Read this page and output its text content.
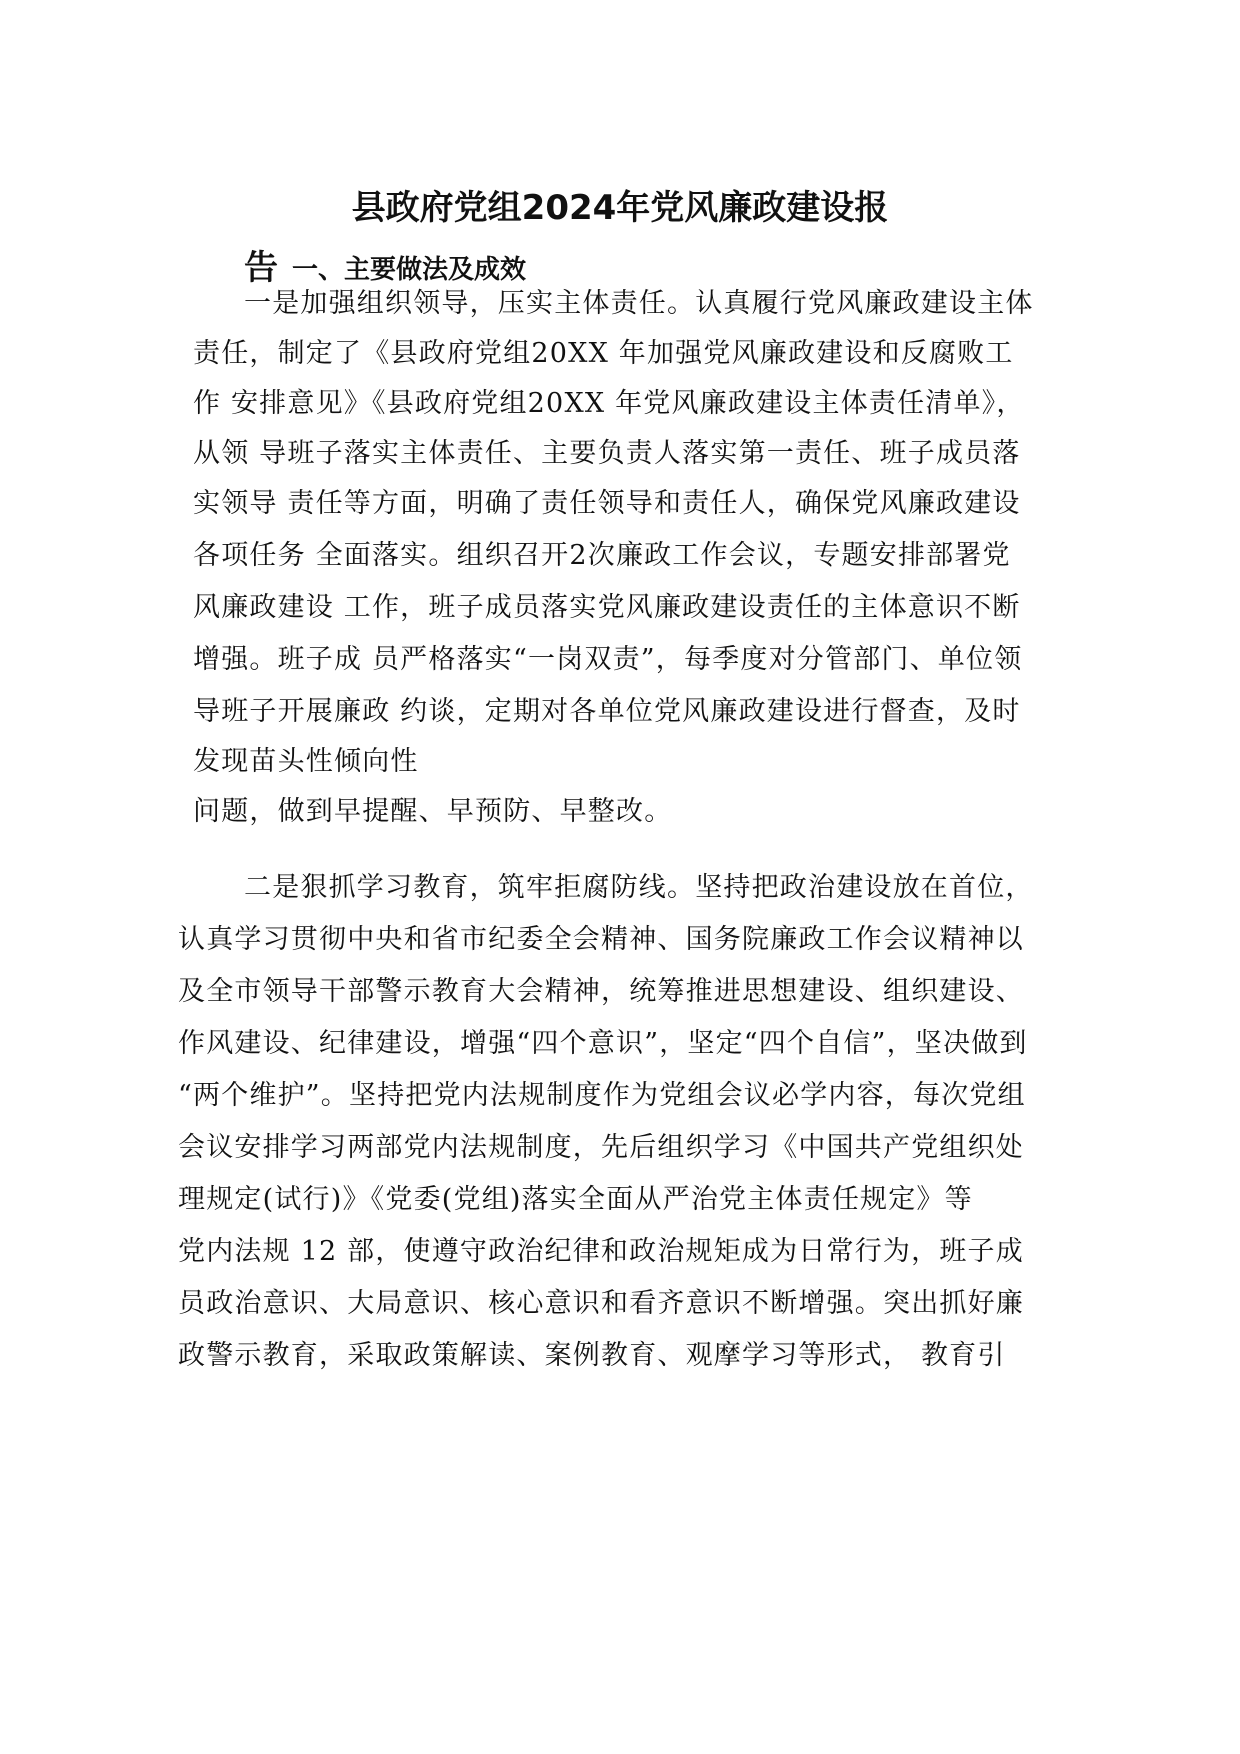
县政府党组2024年党风廉政建设报
告 一、主要做法及成效
一是加强组织领导，压实主体责任。认真履行党风廉政建设主体
责任，制定了《县政府党组20XX 年加强党风廉政建设和反腐败工
作 安排意见》《县政府党组20XX 年党风廉政建设主体责任清单》，
从领 导班子落实主体责任、主要负责人落实第一责任、班子成员落
实领导 责任等方面，明确了责任领导和责任人，确保党风廉政建设
各项任务 全面落实。组织召开2次廉政工作会议，专题安排部署党
风廉政建设 工作，班子成员落实党风廉政建设责任的主体意识不断
增强。班子成 员严格落实“一岗双责”，每季度对分管部门、单位领
导班子开展廉政 约谈，定期对各单位党风廉政建设进行督查，及时
发现苗头性倾向性
问题，做到早提醒、早预防、早整改。
二是狠抓学习教育，筑牢拒腐防线。坚持把政治建设放在首位，
认真学习贯彻中央和省市纪委全会精神、国务院廉政工作会议精神以
及全市领导干部警示教育大会精神，统筹推进思想建设、组织建设、
作风建设、纪律建设，增强“四个意识”，坚定“四个自信”，坚决做到
“两个维护”。坚持把党内法规制度作为党组会议必学内容，每次党组
会议安排学习两部党内法规制度，先后组织学习《中国共产党组织处
理规定(试行)》《党委(党组)落实全面从严治党主体责任规定》等
党内法规 12 部，使遵守政治纪律和政治规矩成为日常行为，班子成
员政治意识、大局意识、核心意识和看齐意识不断增强。突出抓好廉
政警示教育，采取政策解读、案例教育、观摩学习等形式， 教育引
